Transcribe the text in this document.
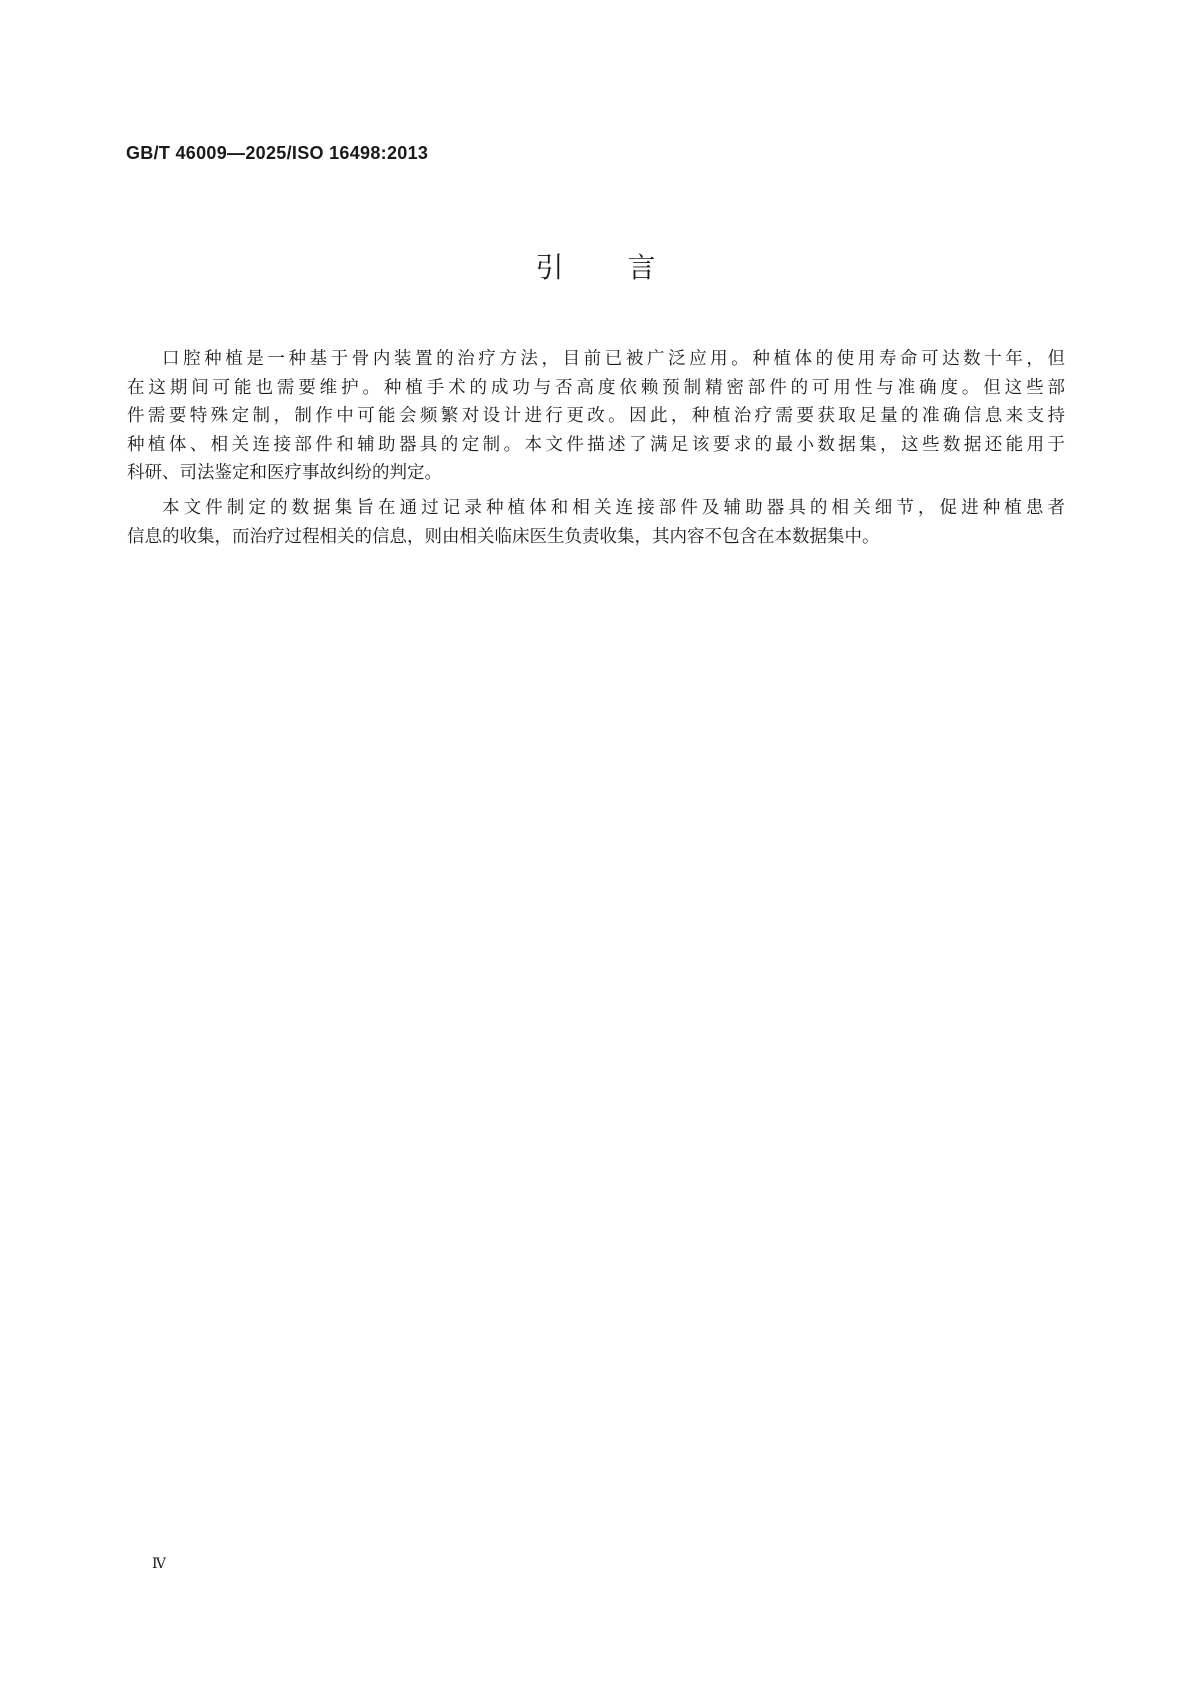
GB/T 46009—2025/ISO 16498:2013
引言
口腔种植是一种基于骨内装置的治疗方法，目前已被广泛应用。种植体的使用寿命可达数十年，但
在这期间可能也需要维护。种植手术的成功与否高度依赖预制精密部件的可用性与准确度。但这些部
件需要特殊定制，制作中可能会频繁对设计进行更改。因此，种植治疗需要获取足量的准确信息来支持
种植体、相关连接部件和辅助器具的定制。本文件描述了满足该要求的最小数据集，这些数据还能用于
科研、司法鉴定和医疗事故纠纷的判定。
本文件制定的数据集旨在通过记录种植体和相关连接部件及辅助器具的相关细节，促进种植患者
信息的收集，而治疗过程相关的信息，则由相关临床医生负责收集，其内容不包含在本数据集中。
Ⅳ
